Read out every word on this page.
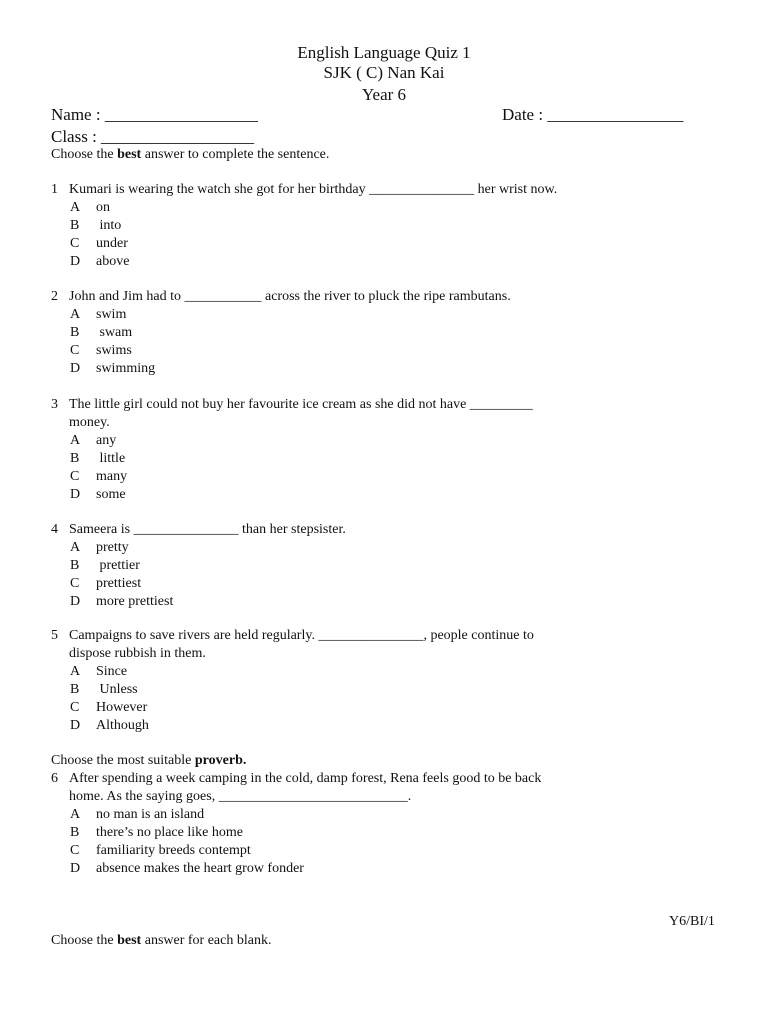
English Language Quiz 1
SJK ( C) Nan Kai
Year 6
Name : __________________	Date : ________________
Class : __________________
Choose the best answer to complete the sentence.
1 Kumari is wearing the watch she got for her birthday _______________ her wrist now.
A on
B into
C under
D above
2 John and Jim had to ___________ across the river to pluck the ripe rambutans.
A swim
B swam
C swims
D swimming
3 The little girl could not buy her favourite ice cream as she did not have _________
money.
A any
B little
C many
D some
4 Sameera is _______________ than her stepsister.
A pretty
B prettier
C prettiest
D more prettiest
5 Campaigns to save rivers are held regularly. _______________, people continue to
dispose rubbish in them.
A Since
B Unless
C However
D Although
Choose the most suitable proverb.
6 After spending a week camping in the cold, damp forest, Rena feels good to be back
home. As the saying goes, ___________________________.
A no man is an island
B there’s no place like home
C familiarity breeds contempt
D absence makes the heart grow fonder
Y6/BI/1
Choose the best answer for each blank.
